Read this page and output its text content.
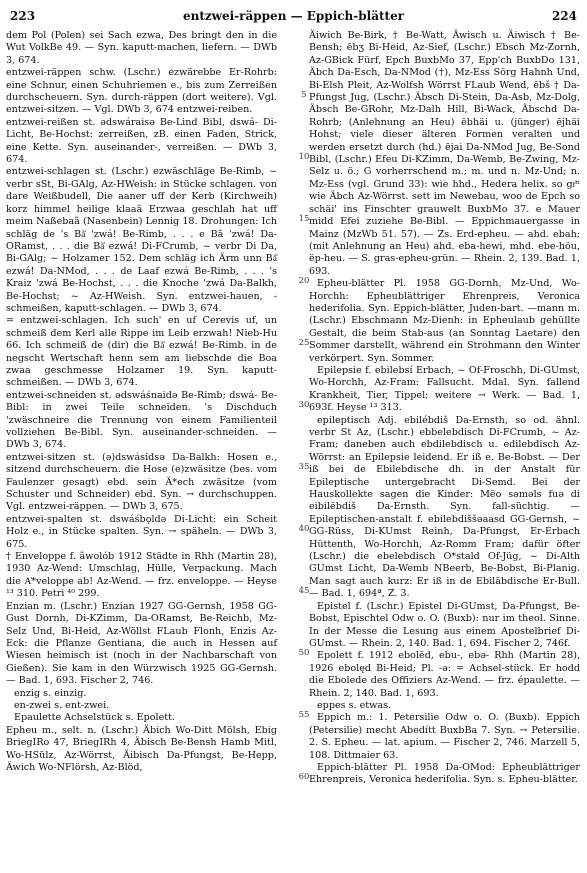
223	entzwei-räppen — Eppich-blätter	224

dem Pol (Polen) sei Sach ezwa, Des bringt den in die Wut VolkBe 49. — Syn. kaputt-machen, liefern. — DWb 3, 674.

entzwei-räppen schw. (Lschr.) ezwärebbe Er-Rohrb: eine Schnur, einen Schuhriemen e., bis zum Zerreißen durchscheuern. Syn. durch-räppen (dort weitere). Vgl. entzwei-sitzen. — Vgl. DWb 3, 674 entzwei-reiben.

entzwei-reißen st. ədswáraisə Be-Lind Bibl, dswá- Di-Licht, Be-Hochst: zerreißen, zB. einen Faden, Strick, eine Kette. Syn. auseinander-, verreißen. — DWb 3, 674.

entzwei-schlagen st. (Lschr.) ezwäschläge Be-Rimb, ~ verbr sSt, Bi-GAlg, Az-HWeish: in Stücke schlagen. von dare Weißbudell, Die aaner uff der Kerb (Kirchweih) korz himmel heilige klaaã Erzwaa geschlah hat uff meim Naßebaã (Nasenbein) Lennig 18. Drohungen: Ich schläg de 's Bã᷾ 'zwá! Be-Rimb, . . . e Bã 'zwá! Da-ORamst, . . . die Bã᷾ ezwá! Di-FCrumb, ~ verbr Di Da, Bi-GAlg; ~ Holzamer 152. Dem schläg ich Ärm unn Bã᷾ ezwá! Da-NMod, . . . de Laaf ezwá Be-Rimb, . . . 's Kraiz 'zwá Be-Hochst, . . . die Knoche 'zwá Da-Balkh, Be-Hochst; ~ Az-HWeish. Syn. entzwei-hauen, -schmeißen, kaputt-schlagen. — DWb 3, 674.

= entzwei-schlagen. Ich such' en uf Cerevis uf, un schmeiß dem Kerl alle Rippe im Leib erzwah! Nieb-Hu 66. Ich schmeiß de (dir) die Bã᷾ ezwá! Be-Rimb. in de negscht Wertschaft henn sem am liebschde die Boa zwaa geschmesse Holzamer 19. Syn. kaputt-schmeißen. — DWb 3, 674.

entzwei-schneiden st. ədswáśnaidə Be-Rimb; dswá- Be-Bibl: in zwei Teile schneiden. 's Dischduch 'zwäschneire die Trennung von einem Familienteil vollziehen Be-Bibl. Syn. auseinander-schneiden. — DWb 3, 674.

entzwei-sitzen st. (ə)dswásidsə Da-Balkh: Hosen e., sitzend durchscheuern. die Hose (e)zwäsitze (bes. vom Faulenzer gesagt) ebd. sein Ä*ech zwäsitze (vom Schuster und Schneider) ebd. Syn. → durchschuppen. Vgl. entzwei-räppen. — DWb 3, 675.

entzwei-spalten st. dswáśbǫldə Di-Licht: ein Scheit Holz e., in Stücke spalten. Syn. → späheln. — DWb 3, 675.

† Enveloppe f. ãwolób 1912 Städte in Rhh (Martin 28), 1930 Az-Wend: Umschlag, Hülle, Verpackung. Mach die A᷾*veloppe ab! Az-Wend. — frz. enveloppe. — Heyse ¹³ 310. Petri ⁴⁰ 299.

Enzian m. (Lschr.) Enzian 1927 GG-Gernsh, 1958 GG-Gust Dornh, Di-KZimm, Da-ORamst, Be-Reichb, Mz-Selz Und, Bi-Heid, Az-Wöllst FLaub Flonh, Enzis Az-Eck: die Pflanze Gentiana, die auch in Hessen auf Wiesen heimisch ist (noch in der Nachbarschaft von Gießen). Sie kam in den Würzwisch 1925 GG-Gernsh. — Bad. 1, 693. Fischer 2, 746.

enzig s. einzig.

en-zwei s. ent-zwei.

Epaulette Achselstück s. Epolett.

Epheu m., selt. n. (Lschr.) Äbich Wo-Ditt Mölsh, Ebig BriegIRo 47, BriegIRh 4, Äbisch Be-Bensh Hamb Mitl, Wo-HSülz, Az-Wörrst, Äibisch Da-Pfungst, Be-Hepp, Äwich Wo-NFlörsh, Az-Blöd,

5
10
15
20
25
30
35
40
45
50
55
60

Äiwich Be-Birk, † Be-Watt, Äwisch u. Äiwisch † Be-Bensh; ēbʒ Bi-Heid, Az-Sief, (Lschr.) Ebsch Mz-Zornh, Az-GBick Fürf, Epch BuxbMo 37, Epp'ch BuxbDo 131, Äbch Da-Esch, Da-NMod (†), Mz-Ess Sörg Hahnh Und, Bi-Elsh Pleit, Az-Wolfsh Wörrst FLaub Wend, ēbš † Da-Pfungst Jug, (Lschr.) Äbsch Di-Stein, Da-Asb, Mz-Dolg, Äbsch Be-GRohr, Mz-Dalh Hill, Bi-Wack, Äbschd Da-Rohrb; (Anlehnung an Heu) ēbhäi u. (jünger) ējhäi Hohst; viele dieser älteren Formen veralten und werden ersetzt durch (hd.) ējai Da-NMod Jug, Be-Sond Bibl, (Lschr.) Efeu Di-KZimm, Da-Wemb, Be-Zwing, Mz-Selz u. ö.; G vorherrschend m.; m. und n. Mz-Und; n. Mz-Ess (vgl. Grund 33): wie hhd., Hedera helix. so gr᷾ⁿ wie Äbch Az-Wörrst. sett im Newebau, woo de Epch so schäi' ins Finschter grauwelt BuxbMo 37. e Mauer midd Efei zuziehe Be-Bibl. — Eppichmauergasse in Mainz (MzWb 51. 57). — Zs. Erd-epheu. — ahd. ebah; (mit Anlehnung an Heu) ahd. eba-hewi, mhd. ebe-höu, ëp-heu. — S. gras-epheu-grün. — Rhein. 2, 139. Bad. 1, 693.

Epheu-blätter Pl. 1958 GG-Dornh, Mz-Und, Wo-Horchh: Epheublättriger Ehrenpreis, Veronica hederifolia. Syn. Eppich-blätter, Juden-bart. —mann m. (Lschr.) Ebschmann Mz-Dienh: in Epheulaub gehüllte Gestalt, die beim Stab-aus (an Sonntag Laetare) den Sommer darstellt, während ein Strohmann den Winter verkörpert. Syn. Sommer.

Epilepsie f. ebilebsí Erbach, ~ Of-Froschh, Di-GUmst, Wo-Horchh, Az-Fram: Fallsucht. Mdal. Syn. fallend Krankheit, Tier, Tippel; weitere → Werk. — Bad. 1, 693f. Heyse ¹³ 313.

epileptisch Adj. ebilébdiš Da-Ernsth, so od. ähnl. verbr St Az, (Lschr.) ebbelebdisch Di-FCrumb, ~ Az-Fram; daneben auch ebdilebdisch u. edilebdisch Az-Wörrst: an Epilepsie leidend. Er iß e. Be-Bobst. — Der iß bei de Ebilebdische dh. in der Anstalt für Epileptische untergebracht Di-Semd. Bei der Hauskollekte sagen die Kinder: Mēo səməls fuə di eibilēbdiš Da-Ernsth. Syn. fall-süchtig. — Epileptischen-anstalt f. ebilebdiššəaasd GG-Gernsh, ~ GG-Rüss, Di-KUmst Reinh, Da-Pfungst, Er-Erbach Hüttenth, Wo-Horchh, Az-Romm Fram; dafür öfter (Lschr.) die ebelebdisch O*stald Of-Jüg, ~ Di-Alth GUmst Licht, Da-Wemb NBeerb, Be-Bobst, Bi-Planig. Man sagt auch kurz: Er iß in de Ebilābdische Er-Bull. — Bad. 1, 694ª, Z. 3.

Epistel f. (Lschr.) Epistel Di-GUmst, Da-Pfungst, Be-Bobst, Epischtel Odw o. O. (Buxb): nur im theol. Sinne. In der Messe die Lesung aus einem Apostelbrief Di-GUmst. — Rhein. 2, 140. Bad. 1, 694. Fischer 2, 746f.

Epolett f. 1912 ebolēd, ebu-, ebə- Rhh (Martin 28), 1926 ebolęd Bi-Heid; Pl. -ə: = Achsel-stück. Er hodd die Ebolede des Offiziers Az-Wend. — frz. épaulette. — Rhein. 2, 140. Bad. 1, 693.

eppes s. etwas.

Eppich m.: 1. Petersilie Odw o. O. (Buxb). Eppich (Petersilie) mecht Abedítt BuxbBa 7. Syn. → Petersilie. 2. S. Epheu. — lat. apium. — Fischer 2, 746. Marzell 5, 108. Dittmaier 63.

Eppich-blätter Pl. 1958 Da-OMod: Epheublättriger Ehrenpreis, Veronica hederifolia. Syn. s. Epheu-blätter.
